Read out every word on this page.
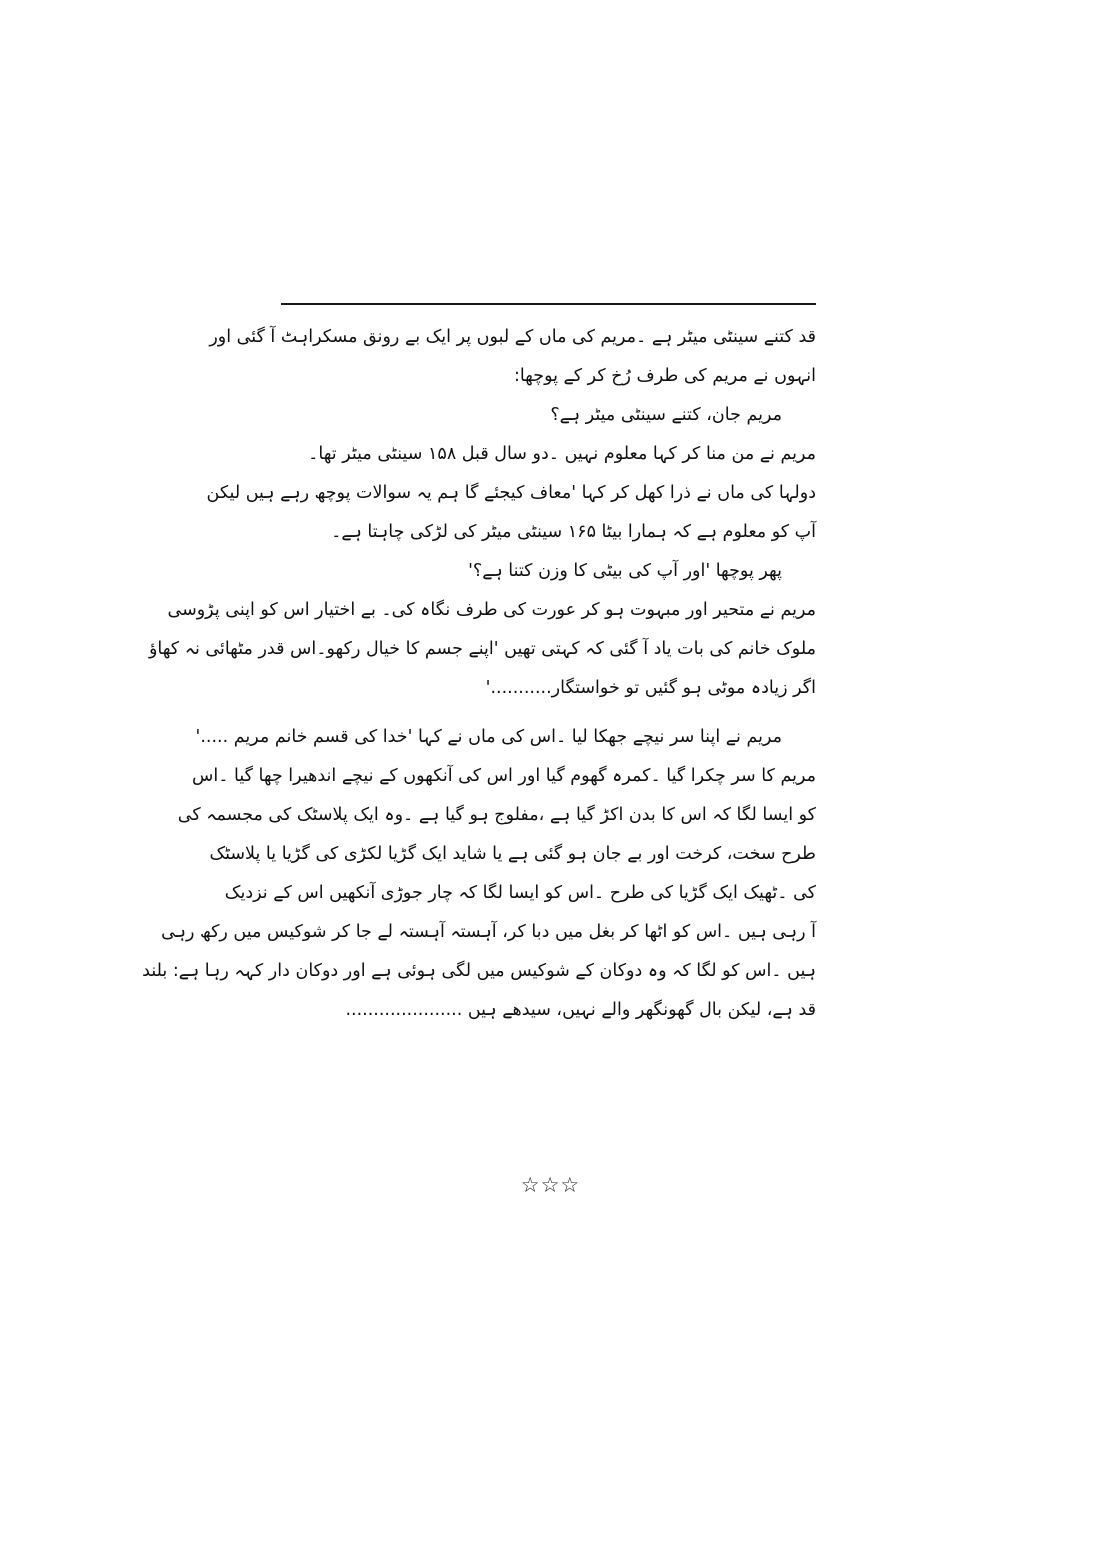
قد کتنے سینٹی میٹر ہے ۔مریم کی ماں کے لبوں پر ایک بے رونق مسکراہٹ آ گئی اور
انہوں نے مریم کی طرف رُخ کر کے پوچھا:
مریم جان، کتنے سینٹی میٹر ہے؟
مریم نے من منا کر کہا معلوم نہیں ۔دو سال قبل ۱۵۸ سینٹی میٹر تھا۔
دولہا کی ماں نے ذرا کھل کر کہا 'معاف کیجئے گا ہم یہ سوالات پوچھ رہے ہیں لیکن
آپ کو معلوم ہے کہ ہمارا بیٹا ۱۶۵ سینٹی میٹر کی لڑکی چاہتا ہے۔
پھر پوچھا 'اور آپ کی بیٹی کا وزن کتنا ہے؟'
مریم نے متحیر اور مبہوت ہو کر عورت کی طرف نگاہ کی۔ بے اختیار اس کو اپنی پڑوسی
ملوک خانم کی بات یاد آ گئی کہ کہتی تھیں 'اپنے جسم کا خیال رکھو۔اس قدر مٹھائی نہ کھاؤ
اگر زیادہ موٹی ہو گئیں تو خواستگار...........'
مریم نے اپنا سر نیچے جھکا لیا ۔اس کی ماں نے کہا 'خدا کی قسم خانم مریم .....'
مریم کا سر چکرا گیا ۔کمرہ گھوم گیا اور اس کی آنکھوں کے نیچے اندھیرا چھا گیا ۔اس
کو ایسا لگا کہ اس کا بدن اکڑ گیا ہے ،مفلوج ہو گیا ہے ۔وہ ایک پلاسٹک کی مجسمہ کی
طرح سخت، کرخت اور بے جان ہو گئی ہے یا شاید ایک گڑیا لکڑی کی گڑیا یا پلاسٹک
کی ۔ٹھیک ایک گڑیا کی طرح ۔اس کو ایسا لگا کہ چار جوڑی آنکھیں اس کے نزدیک
آ رہی ہیں ۔اس کو اٹھا کر بغل میں دبا کر، آہستہ آہستہ لے جا کر شوکیس میں رکھ رہی
ہیں ۔اس کو لگا کہ وہ دوکان کے شوکیس میں لگی ہوئی ہے اور دوکان دار کہہ رہا ہے: بلند
قد ہے، لیکن بال گھونگھر والے نہیں، سیدھے ہیں .....................
☆☆☆
